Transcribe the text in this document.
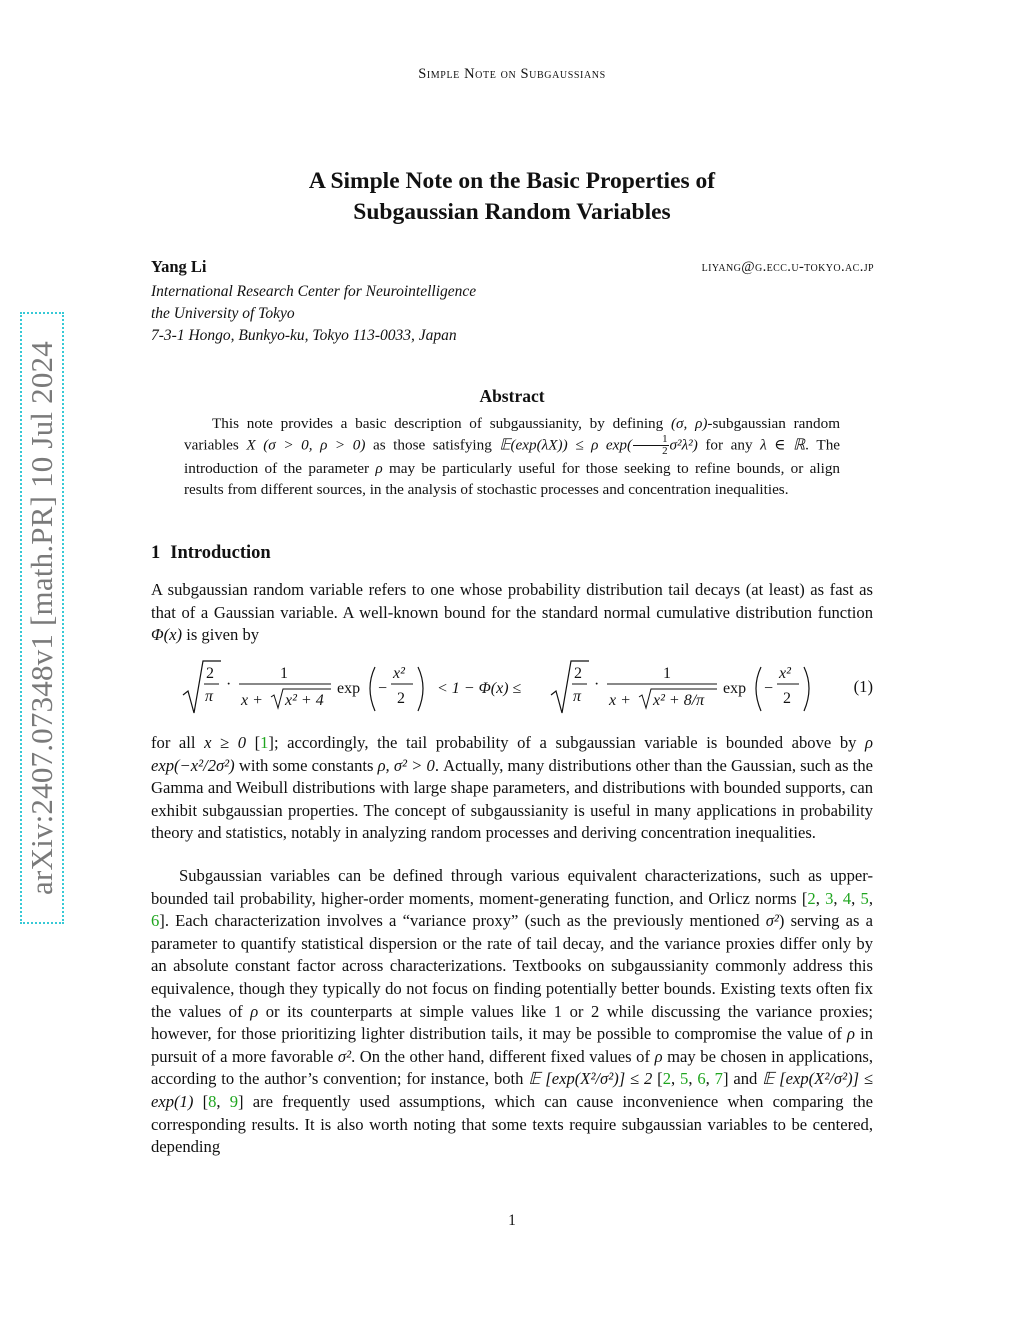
Simple Note on Subgaussians
arXiv:2407.07348v1 [math.PR] 10 Jul 2024
A Simple Note on the Basic Properties of
Subgaussian Random Variables
Yang Li	liyang@g.ecc.u-tokyo.ac.jp
International Research Center for Neurointelligence
the University of Tokyo
7-3-1 Hongo, Bunkyo-ku, Tokyo 113-0033, Japan
Abstract
This note provides a basic description of subgaussianity, by defining (σ, ρ)-subgaussian random variables X (σ > 0, ρ > 0) as those satisfying 𝔼(exp(λX)) ≤ ρ $\exp( \frac{1}{2} \sigma^2\lambda^2)$ for any λ ∈ ℝ. The introduction of the parameter ρ may be particularly useful for those seeking to refine bounds, or align results from different sources, in the analysis of stochastic processes and concentration inequalities.
1 Introduction
A subgaussian random variable refers to one whose probability distribution tail decays (at least) as fast as that of a Gaussian variable. A well-known bound for the standard normal cumulative distribution function Φ(x) is given by
2
π
·
1
x + x² + 4
exp −
x²
2
< 1 − Φ(x) ≤
2
π
·
1
x + x² + 8/π
exp −
x²
2
(1)
for all x ≥ 0 [1]; accordingly, the tail probability of a subgaussian variable is bounded above by ρ exp(−x²/2σ²) with some constants ρ, σ² > 0. Actually, many distributions other than the Gaussian, such as the Gamma and Weibull distributions with large shape parameters, and distributions with bounded supports, can exhibit subgaussian properties. The concept of subgaussianity is useful in many applications in probability theory and statistics, notably in analyzing random processes and deriving concentration inequalities.
Subgaussian variables can be defined through various equivalent characterizations, such as upper-bounded tail probability, higher-order moments, moment-generating function, and Orlicz norms [2, 3, 4, 5, 6]. Each characterization involves a “variance proxy” (such as the previously mentioned σ²) serving as a parameter to quantify statistical dispersion or the rate of tail decay, and the variance proxies differ only by an absolute constant factor across characterizations. Textbooks on subgaussianity commonly address this equivalence, though they typically do not focus on finding potentially better bounds. Existing texts often fix the values of ρ or its counterparts at simple values like 1 or 2 while discussing the variance proxies; however, for those prioritizing lighter distribution tails, it may be possible to compromise the value of ρ in pursuit of a more favorable σ². On the other hand, different fixed values of ρ may be chosen in applications, according to the author’s convention; for instance, both 𝔼 [exp(X²/σ²)] ≤ 2 [2, 5, 6, 7] and 𝔼 [exp(X²/σ²)] ≤ exp(1) [8, 9] are frequently used assumptions, which can cause inconvenience when comparing the corresponding results. It is also worth noting that some texts require subgaussian variables to be centered, depending
1
